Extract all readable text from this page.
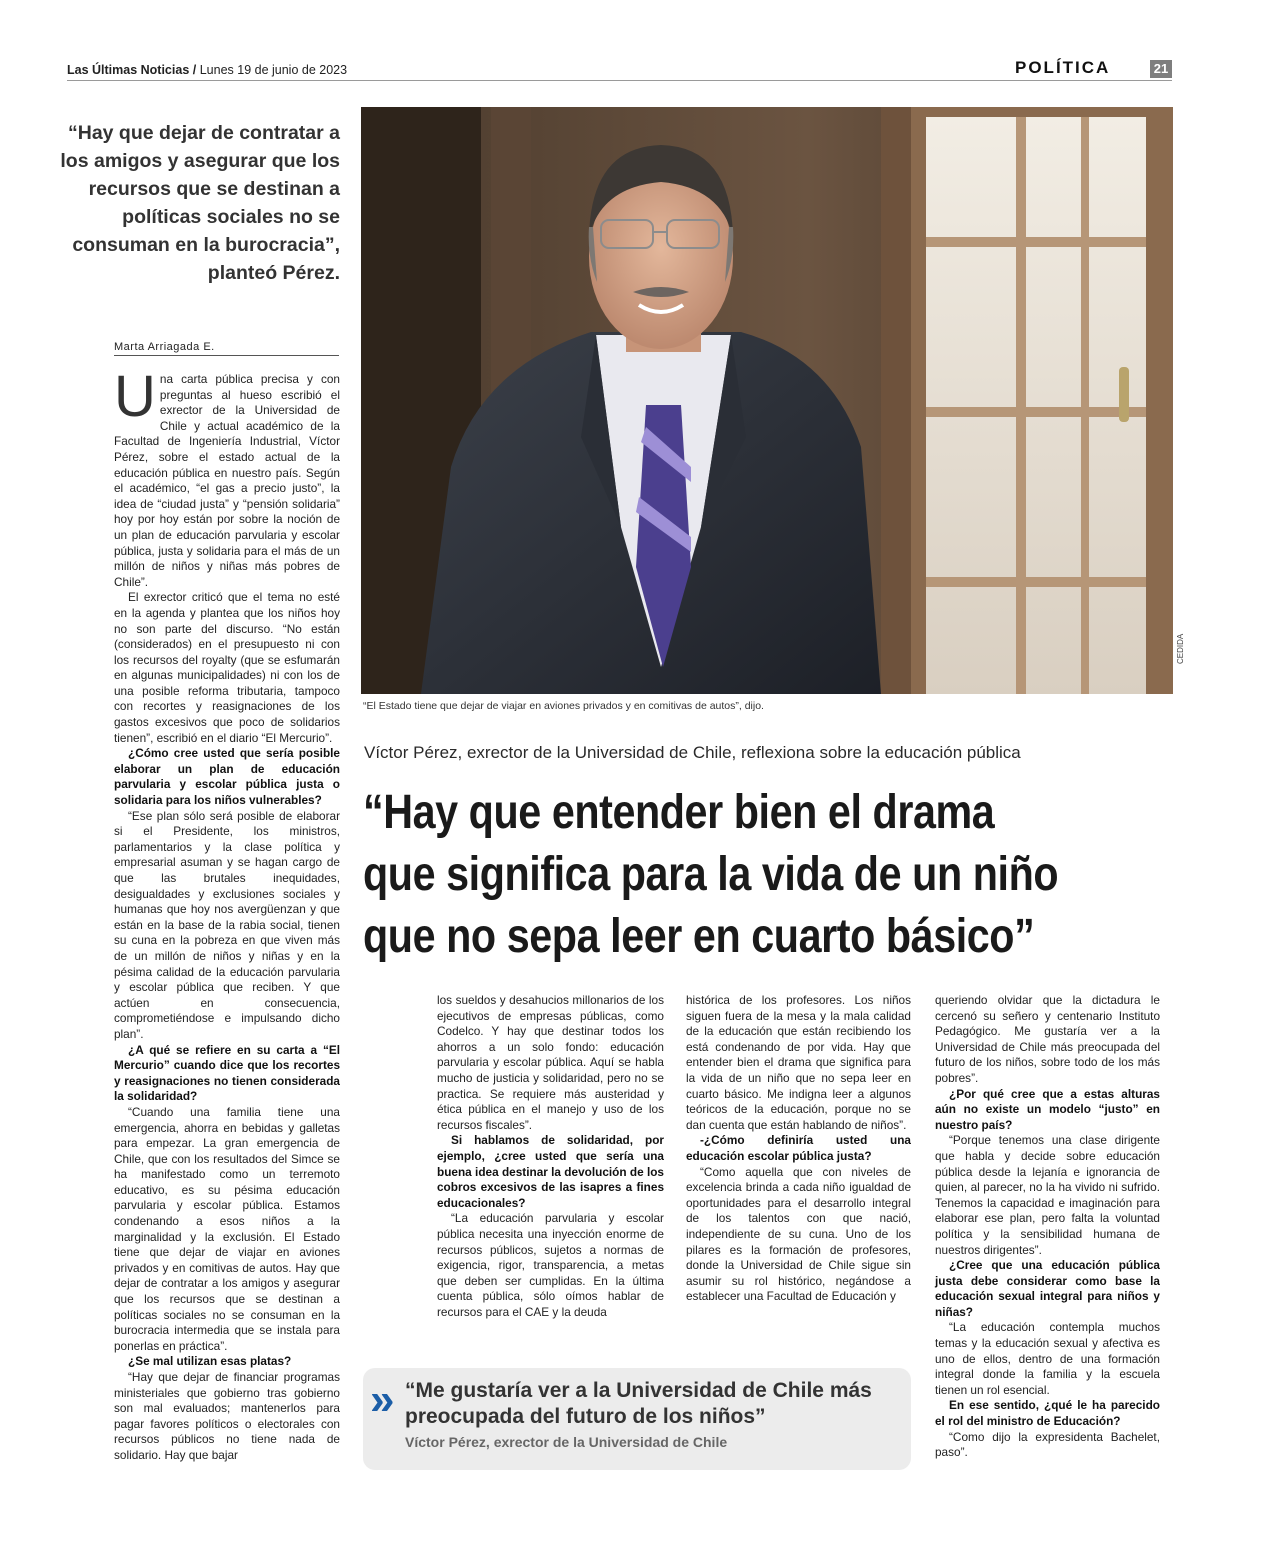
Las Últimas Noticias / Lunes 19 de junio de 2023	POLÍTICA	21
“Hay que dejar de contratar a los amigos y asegurar que los recursos que se destinan a políticas sociales no se consuman en la burocracia”, planteó Pérez.
Marta Arriagada E.
U na carta pública precisa y con preguntas al hueso escribió el exrector de la Universidad de Chile y actual académico de la Facultad de Ingeniería Industrial, Víctor Pérez, sobre el estado actual de la educación pública en nuestro país. Según el académico, “el gas a precio justo”, la idea de “ciudad justa” y “pensión solidaria” hoy por hoy están por sobre la noción de un plan de educación parvularia y escolar pública, justa y solidaria para el más de un millón de niños y niñas más pobres de Chile”.

El exrector criticó que el tema no esté en la agenda y plantea que los niños hoy no son parte del discurso. “No están (considerados) en el presupuesto ni con los recursos del royalty (que se esfumarán en algunas municipalidades) ni con los de una posible reforma tributaria, tampoco con recortes y reasignaciones de los gastos excesivos que poco de solidarios tienen”, escribió en el diario “El Mercurio”.

¿Cómo cree usted que sería posible elaborar un plan de educación parvularia y escolar pública justa o solidaria para los niños vulnerables?

“Ese plan sólo será posible de elaborar si el Presidente, los ministros, parlamentarios y la clase política y empresarial asuman y se hagan cargo de que las brutales inequidades, desigualdades y exclusiones sociales y humanas que hoy nos avergüenzan y que están en la base de la rabia social, tienen su cuna en la pobreza en que viven más de un millón de niños y niñas y en la pésima calidad de la educación parvularia y escolar pública que reciben. Y que actúen en consecuencia, comprometiéndose e impulsando dicho plan”.

¿A qué se refiere en su carta a “El Mercurio” cuando dice que los recortes y reasignaciones no tienen considerada la solidaridad?

“Cuando una familia tiene una emergencia, ahorra en bebidas y galletas para empezar. La gran emergencia de Chile, que con los resultados del Simce se ha manifestado como un terremoto educativo, es su pésima educación parvularia y escolar pública. Estamos condenando a esos niños a la marginalidad y la exclusión. El Estado tiene que dejar de viajar en aviones privados y en comitivas de autos. Hay que dejar de contratar a los amigos y asegurar que los recursos que se destinan a políticas sociales no se consuman en la burocracia intermedia que se instala para ponerlas en práctica”.

¿Se mal utilizan esas platas?

“Hay que dejar de financiar programas ministeriales que gobierno tras gobierno son mal evaluados; mantenerlos para pagar favores políticos o electorales con recursos públicos no tiene nada de solidario. Hay que bajar

CEDIDA
“El Estado tiene que dejar de viajar en aviones privados y en comitivas de autos”, dijo.
Víctor Pérez, exrector de la Universidad de Chile, reflexiona sobre la educación pública
“Hay que entender bien el drama que significa para la vida de un niño que no sepa leer en cuarto básico”

los sueldos y desahucios millonarios de los ejecutivos de empresas públicas, como Codelco. Y hay que destinar todos los ahorros a un solo fondo: educación parvularia y escolar pública. Aquí se habla mucho de justicia y solidaridad, pero no se practica. Se requiere más austeridad y ética pública en el manejo y uso de los recursos fiscales”.

Si hablamos de solidaridad, por ejemplo, ¿cree usted que sería una buena idea destinar la devolución de los cobros excesivos de las isapres a fines educacionales?

“La educación parvularia y escolar pública necesita una inyección enorme de recursos públicos, sujetos a normas de exigencia, rigor, transparencia, a metas que deben ser cumplidas. En la última cuenta pública, sólo oímos hablar de recursos para el CAE y la deuda

histórica de los profesores. Los niños siguen fuera de la mesa y la mala calidad de la educación que están recibiendo los está condenando de por vida. Hay que entender bien el drama que significa para la vida de un niño que no sepa leer en cuarto básico. Me indigna leer a algunos teóricos de la educación, porque no se dan cuenta que están hablando de niños”.

-¿Cómo definiría usted una educación escolar pública justa?

“Como aquella que con niveles de excelencia brinda a cada niño igualdad de oportunidades para el desarrollo integral de los talentos con que nació, independiente de su cuna. Uno de los pilares es la formación de profesores, donde la Universidad de Chile sigue sin asumir su rol histórico, negándose a establecer una Facultad de Educación y

queriendo olvidar que la dictadura le cercenó su señero y centenario Instituto Pedagógico. Me gustaría ver a la Universidad de Chile más preocupada del futuro de los niños, sobre todo de los más pobres”.

¿Por qué cree que a estas alturas aún no existe un modelo “justo” en nuestro país?

“Porque tenemos una clase dirigente que habla y decide sobre educación pública desde la lejanía e ignorancia de quien, al parecer, no la ha vivido ni sufrido. Tenemos la capacidad e imaginación para elaborar ese plan, pero falta la voluntad política y la sensibilidad humana de nuestros dirigentes”.

¿Cree que una educación pública justa debe considerar como base la educación sexual integral para niños y niñas?

“La educación contempla muchos temas y la educación sexual y afectiva es uno de ellos, dentro de una formación integral donde la familia y la escuela tienen un rol esencial.

En ese sentido, ¿qué le ha parecido el rol del ministro de Educación?

“Como dijo la expresidenta Bachelet, paso”.

» “Me gustaría ver a la Universidad de Chile más preocupada del futuro de los niños”
Víctor Pérez, exrector de la Universidad de Chile
